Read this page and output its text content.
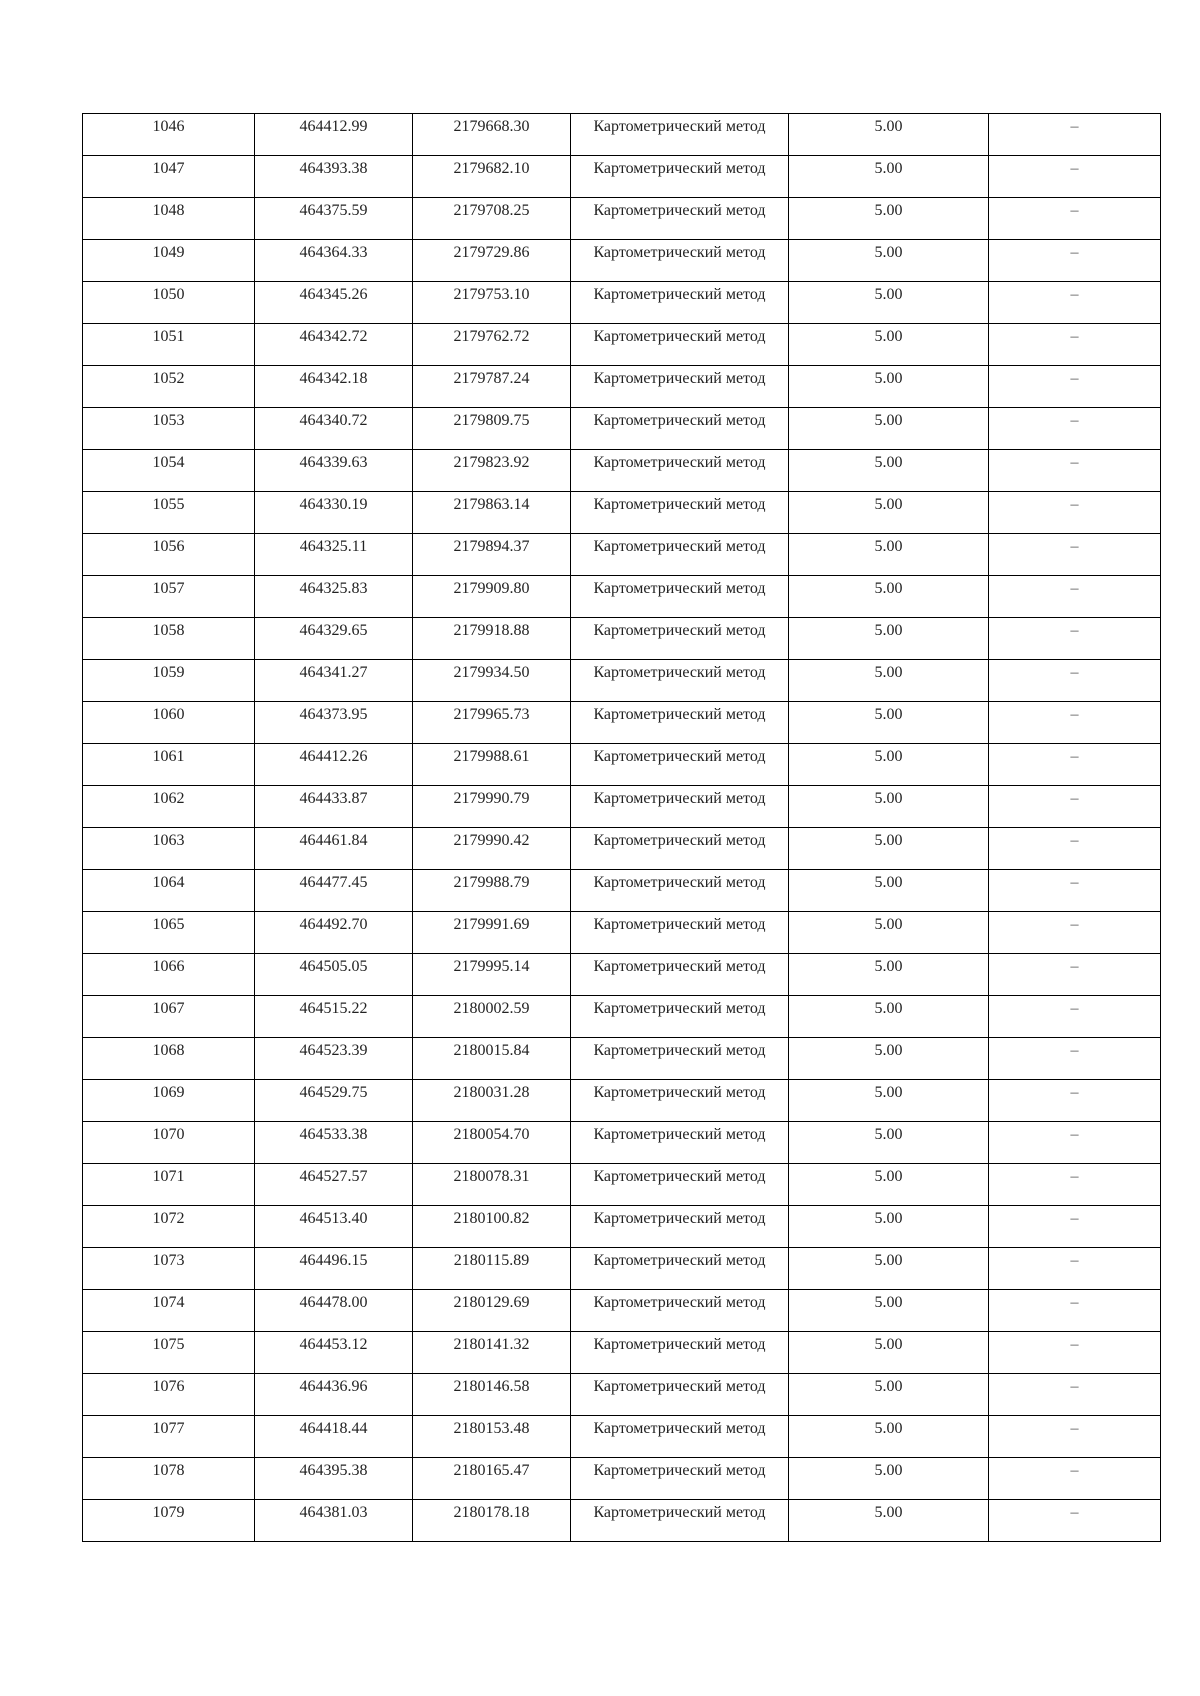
1046	464412.99	2179668.30	Картометрический метод	5.00	–

1047	464393.38	2179682.10	Картометрический метод	5.00	–

1048	464375.59	2179708.25	Картометрический метод	5.00	–

1049	464364.33	2179729.86	Картометрический метод	5.00	–

1050	464345.26	2179753.10	Картометрический метод	5.00	–

1051	464342.72	2179762.72	Картометрический метод	5.00	–

1052	464342.18	2179787.24	Картометрический метод	5.00	–

1053	464340.72	2179809.75	Картометрический метод	5.00	–

1054	464339.63	2179823.92	Картометрический метод	5.00	–

1055	464330.19	2179863.14	Картометрический метод	5.00	–

1056	464325.11	2179894.37	Картометрический метод	5.00	–

1057	464325.83	2179909.80	Картометрический метод	5.00	–

1058	464329.65	2179918.88	Картометрический метод	5.00	–

1059	464341.27	2179934.50	Картометрический метод	5.00	–

1060	464373.95	2179965.73	Картометрический метод	5.00	–

1061	464412.26	2179988.61	Картометрический метод	5.00	–

1062	464433.87	2179990.79	Картометрический метод	5.00	–

1063	464461.84	2179990.42	Картометрический метод	5.00	–

1064	464477.45	2179988.79	Картометрический метод	5.00	–

1065	464492.70	2179991.69	Картометрический метод	5.00	–

1066	464505.05	2179995.14	Картометрический метод	5.00	–

1067	464515.22	2180002.59	Картометрический метод	5.00	–

1068	464523.39	2180015.84	Картометрический метод	5.00	–

1069	464529.75	2180031.28	Картометрический метод	5.00	–

1070	464533.38	2180054.70	Картометрический метод	5.00	–

1071	464527.57	2180078.31	Картометрический метод	5.00	–

1072	464513.40	2180100.82	Картометрический метод	5.00	–

1073	464496.15	2180115.89	Картометрический метод	5.00	–

1074	464478.00	2180129.69	Картометрический метод	5.00	–

1075	464453.12	2180141.32	Картометрический метод	5.00	–

1076	464436.96	2180146.58	Картометрический метод	5.00	–

1077	464418.44	2180153.48	Картометрический метод	5.00	–

1078	464395.38	2180165.47	Картометрический метод	5.00	–

1079	464381.03	2180178.18	Картометрический метод	5.00	–
